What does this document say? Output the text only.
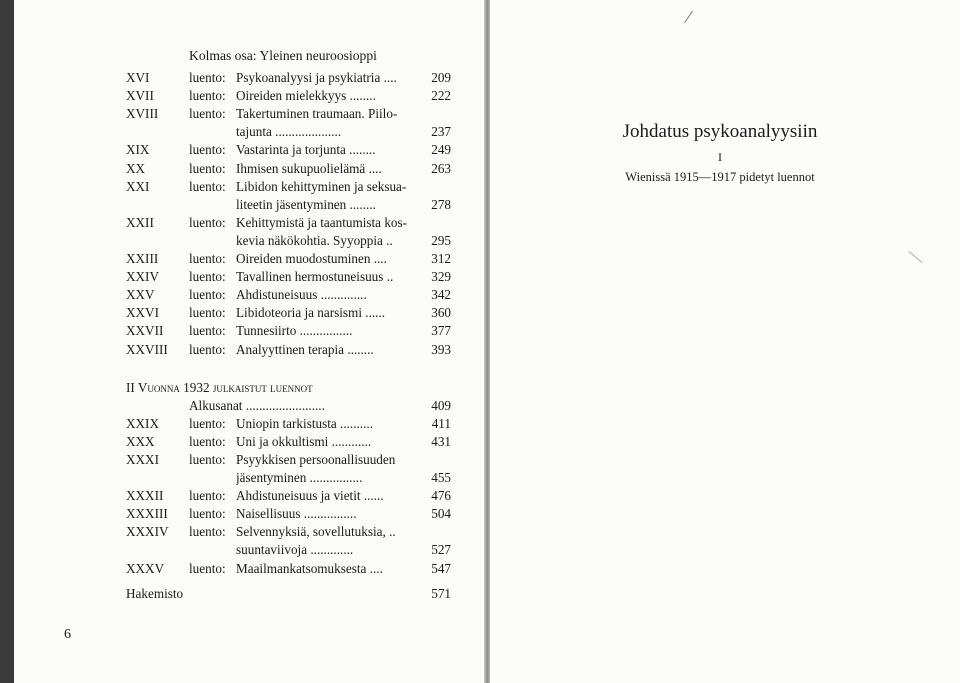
Johdatus psykoanalyysiin
I
Wienissä 1915—1917 pidetyt luennot
Kolmas osa: Yleinen neuroosioppi
XVI	luento: Psykoanalyysi ja psykiatria ....	209
XVII	luento: Oireiden mielekkyys ........	222
XVIII luento: Takertuminen traumaan. Piilo-
tajunta ....................	237
XIX	luento: Vastarinta ja torjunta ........	249
XX	luento: Ihmisen sukupuolielämä ....	263
XXI	luento: Libidon kehittyminen ja seksua-
liteetin jäsentyminen ........	278
XXII	luento: Kehittymistä ja taantumista kos-
kevia näkökohtia. Syyoppia ..	295
XXIII luento: Oireiden muodostuminen ....	312
XXIV luento: Tavallinen hermostuneisuus ..	329
XXV	luento: Ahdistuneisuus ..............	342
XXVI luento: Libidoteoria ja narsismi ......	360
XXVII luento: Tunnesiirto ................	377
XXVIII luento: Analyyttinen terapia ........	393
II Vuonna 1932 julkaistut luennot
Alkusanat ........................	409
XXIX luento: Uniopin tarkistusta ..........	411
XXX	luento: Uni ja okkultismi ............	431
XXXI luento: Psyykkisen persoonallisuuden
jäsentyminen ................	455
XXXII luento: Ahdistuneisuus ja vietit ......	476
XXXIII luento: Naisellisuus ................	504
XXXIV luento: Selvennyksiä, sovellutuksia, ..
suuntaviivoja .............	527
XXXV luento: Maailmankatsomuksesta ....	547
Hakemisto	571
6
